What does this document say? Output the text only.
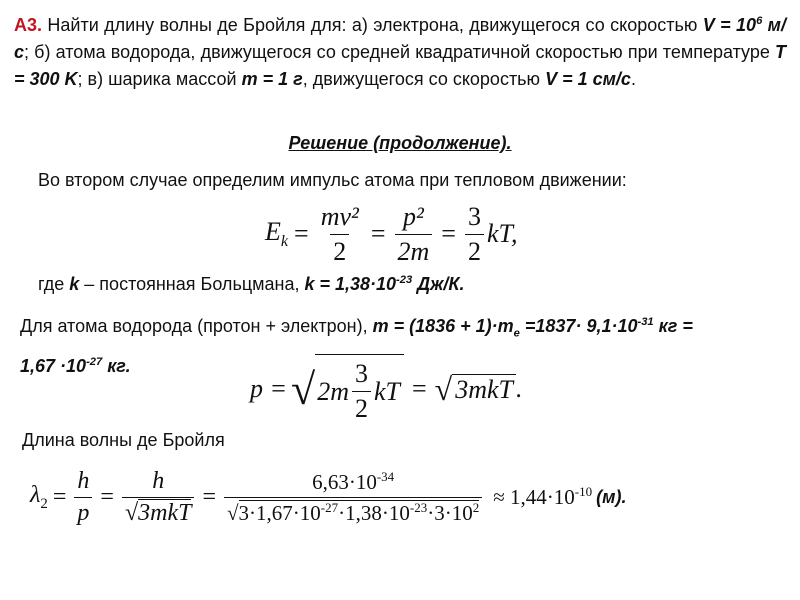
А3. Найти длину волны де Бройля для: а) электрона, движущегося со скоростью $V = 10^6$ м/с; б) атома водорода, движущегося со средней квадратичной скоростью при температуре T = 300 K; в) шарика массой m = 1 г, движущегося со скоростью V = 1 см/с.
Решение (продолжение).
Во втором случае определим импульс атома при тепловом движении:
$E_k = \frac{\text{mv²}}{2} = \frac{\text{p²}}{2m} = \frac{3}{2}$ kT,
где k – постоянная Больцмана, $k = 1,38\cdot 10^{-23}$ Дж/К.
Для атома водорода (протон + электрон), $m = (1836 + 1)\cdot m_e =1837\cdot 9,1\cdot 10^{-31}$ кг =
$1,67 \cdot 10^{-27}$ кг.
p = √ $2m \frac{3}{2}$ kT = √ 3mkT .
Длина волны де Бройля
$\lambda_2 = \frac{h}{p} = \frac{h}{\text{√3mkT}} = \frac{6,63\cdot 10^{-34}}{√3\cdot 1,67\cdot 10^{-27}\cdot 1,38\cdot 10^{-23}\cdot 3\cdot 10^2} \approx 1,44\cdot 10^{-10}$ (м).
